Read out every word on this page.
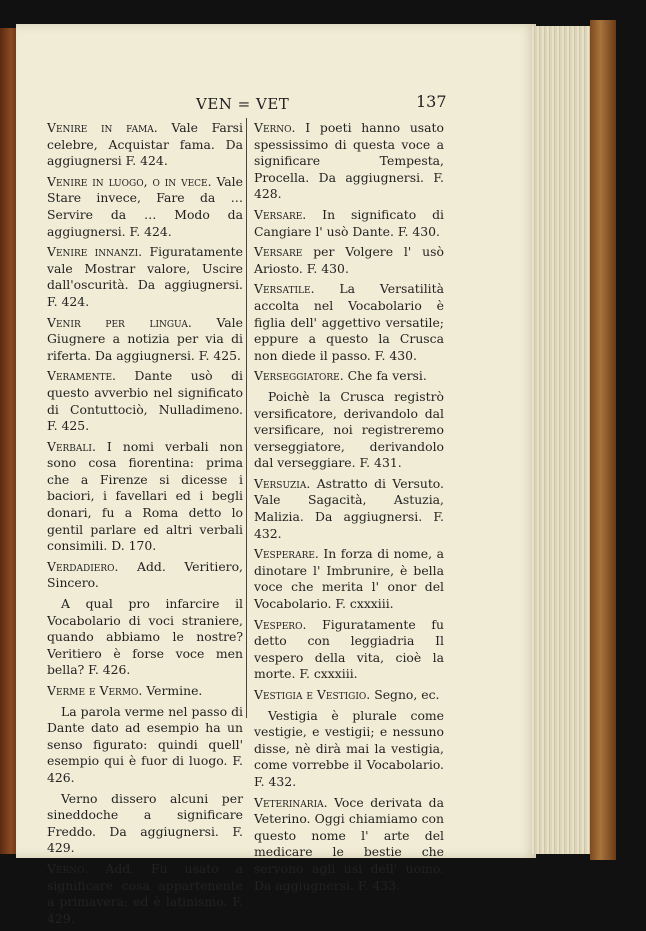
VEN = VET	137

Venire in fama. Vale Farsi celebre, Acquistar fama. Da aggiugnersi F. 424.

Venire in luogo, o in vece. Vale Stare invece, Fare da … Servire da … Modo da aggiugnersi. F. 424.

Venire innanzi. Figuratamente vale Mostrar valore, Uscire dall'oscurità. Da aggiugnersi. F. 424.

Venir per lingua. Vale Giugnere a notizia per via di riferta. Da aggiugnersi. F. 425.

Veramente. Dante usò di questo avverbio nel significato di Contuttociò, Nulladimeno. F. 425.

Verbali. I nomi verbali non sono cosa fiorentina: prima che a Firenze si dicesse i baciori, i favellari ed i begli donari, fu a Roma detto lo gentil parlare ed altri verbali consimili. D. 170.

Verdadiero. Add. Veritiero, Sincero.

A qual pro infarcire il Vocabolario di voci straniere, quando abbiamo le nostre? Veritiero è forse voce men bella? F. 426.

Verme e Vermo. Vermine.

La parola verme nel passo di Dante dato ad esempio ha un senso figurato: quindi quell' esempio qui è fuor di luogo. F. 426.

Verno dissero alcuni per sineddoche a significare Freddo. Da aggiugnersi. F. 429.

Verno. Add. Fu usato a significare cosa appartenente a primavera; ed è latinismo. F. 429.

Verno. I poeti hanno usato spessissimo di questa voce a significare Tempesta, Procella. Da aggiugnersi. F. 428.

Versare. In significato di Cangiare l' usò Dante. F. 430.

Versare per Volgere l' usò Ariosto. F. 430.

Versatile. La Versatilità accolta nel Vocabolario è figlia dell' aggettivo versatile; eppure a questo la Crusca non diede il passo. F. 430.

Verseggiatore. Che fa versi.

Poichè la Crusca registrò versificatore, derivandolo dal versificare, noi registreremo verseggiatore, derivandolo dal verseggiare. F. 431.

Versuzia. Astratto di Versuto. Vale Sagacità, Astuzia, Malizia. Da aggiugnersi. F. 432.

Vesperare. In forza di nome, a dinotare l' Imbrunire, è bella voce che merita l' onor del Vocabolario. F. cxxxiii.

Vespero. Figuratamente fu detto con leggiadria Il vespero della vita, cioè la morte. F. cxxxiii.

Vestigia e Vestigio. Segno, ec.

Vestigia è plurale come vestigie, e vestigii; e nessuno disse, nè dirà mai la vestigia, come vorrebbe il Vocabolario. F. 432.

Veterinaria. Voce derivata da Veterino. Oggi chiamiamo con questo nome l' arte del medicare le bestie che servono agli usi dell' uomo. Da aggiugnersi. F. 433.
